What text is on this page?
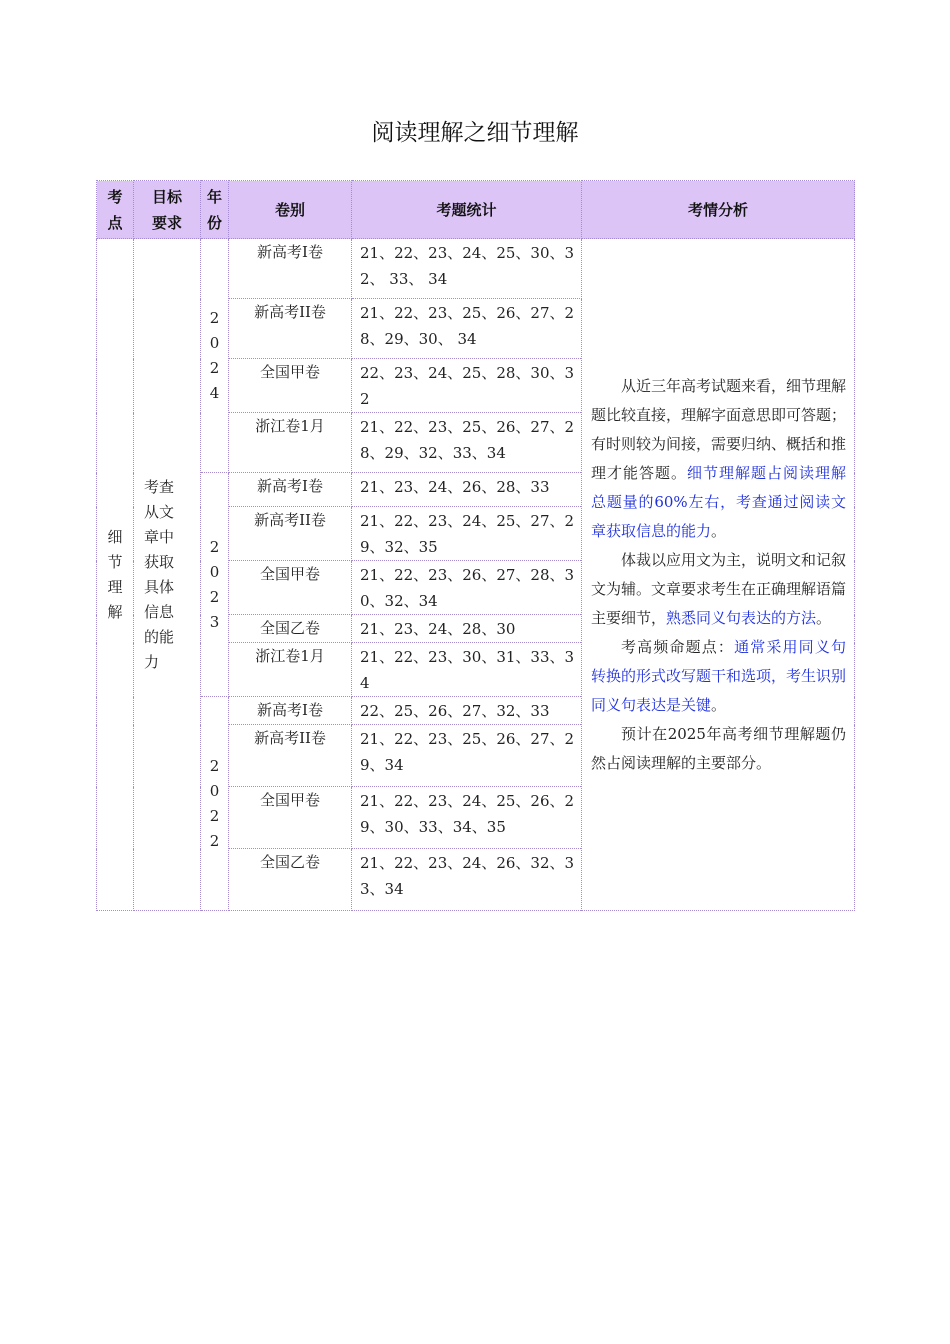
阅读理解之细节理解
考点	目标要求	年份	卷别	考题统计	考情分析

细节理解	考查从文章中获取具体信息的能力	2024	新高考I卷	21、22、23、24、25、30、32、 33、 34	从近三年高考试题来看，细节理解题比较直接，理解字面意思即可答题；有时则较为间接，需要归纳、概括和推理才能答题。细节理解题占阅读理解总题量的60%左右，考查通过阅读文章获取信息的能力。

体裁以应用文为主，说明文和记叙文为辅。文章要求考生在正确理解语篇主要细节，熟悉同义句表达的方法。

考高频命题点：通常采用同义句转换的形式改写题干和选项，考生识别同义句表达是关键。

预计在2025年高考细节理解题仍然占阅读理解的主要部分。

			新高考II卷	21、22、23、25、26、27、28、29、30、 34	
			全国甲卷	22、23、24、25、28、30、32	
			浙江卷1月	21、22、23、25、26、27、28、29、32、33、34	

		2023	新高考I卷	21、23、24、26、28、33	
			新高考II卷	21、22、23、24、25、27、29、32、35	
			全国甲卷	21、22、23、26、27、28、30、32、34	
			全国乙卷	21、23、24、28、30	
			浙江卷1月	21、22、23、30、31、33、34	

		2022	新高考I卷	22、25、26、27、32、33	
			新高考II卷	21、22、23、25、26、27、29、34	
			全国甲卷	21、22、23、24、25、26、29、30、33、34、35	
			全国乙卷	21、22、23、24、26、32、33、34	
